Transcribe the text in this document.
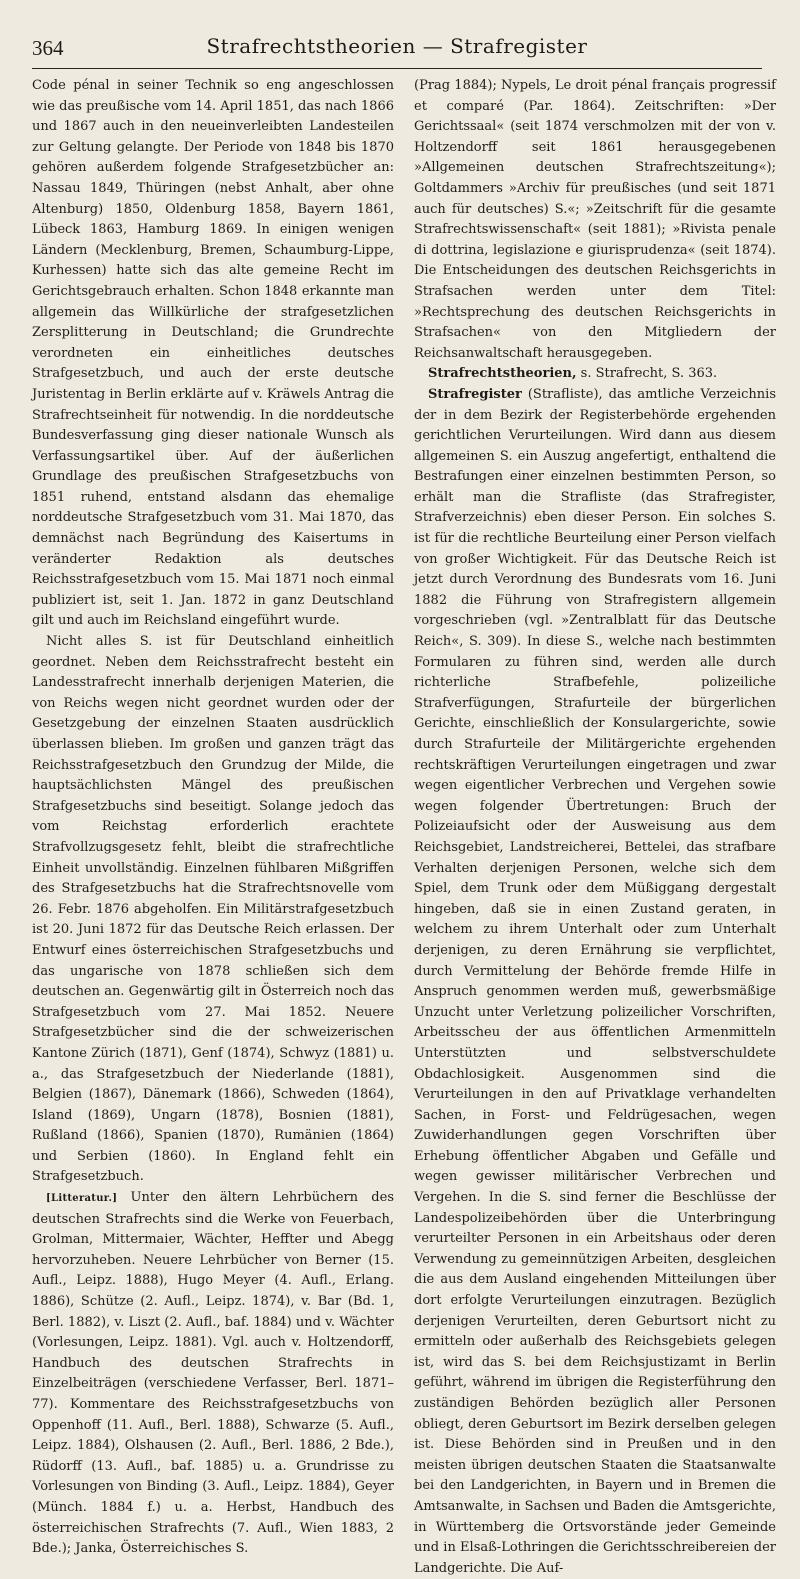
364	Strafrechtstheorien — Strafregister

Code pénal in seiner Technik so eng angeschlossen wie das preußische vom 14. April 1851, das nach 1866 und 1867 auch in den neueinverleibten Landesteilen zur Geltung gelangte. Der Periode von 1848 bis 1870 gehören außerdem folgende Strafgesetzbücher an: Nassau 1849, Thüringen (nebst Anhalt, aber ohne Altenburg) 1850, Oldenburg 1858, Bayern 1861, Lübeck 1863, Hamburg 1869. In einigen wenigen Ländern (Mecklenburg, Bremen, Schaumburg-Lippe, Kurhessen) hatte sich das alte gemeine Recht im Gerichtsgebrauch erhalten. Schon 1848 erkannte man allgemein das Willkürliche der strafgesetzlichen Zersplitterung in Deutschland; die Grundrechte verordneten ein einheitliches deutsches Strafgesetzbuch, und auch der erste deutsche Juristentag in Berlin erklärte auf v. Kräwels Antrag die Strafrechtseinheit für notwendig. In die norddeutsche Bundesverfassung ging dieser nationale Wunsch als Verfassungsartikel über. Auf der äußerlichen Grundlage des preußischen Strafgesetzbuchs von 1851 ruhend, entstand alsdann das ehemalige norddeutsche Strafgesetzbuch vom 31. Mai 1870, das demnächst nach Begründung des Kaisertums in veränderter Redaktion als deutsches Reichsstrafgesetzbuch vom 15. Mai 1871 noch einmal publiziert ist, seit 1. Jan. 1872 in ganz Deutschland gilt und auch im Reichsland eingeführt wurde.

Nicht alles S. ist für Deutschland einheitlich geordnet. Neben dem Reichsstrafrecht besteht ein Landesstrafrecht innerhalb derjenigen Materien, die von Reichs wegen nicht geordnet wurden oder der Gesetzgebung der einzelnen Staaten ausdrücklich überlassen blieben. Im großen und ganzen trägt das Reichsstrafgesetzbuch den Grundzug der Milde, die hauptsächlichsten Mängel des preußischen Strafgesetzbuchs sind beseitigt. Solange jedoch das vom Reichstag erforderlich erachtete Strafvollzugsgesetz fehlt, bleibt die strafrechtliche Einheit unvollständig. Einzelnen fühlbaren Mißgriffen des Strafgesetzbuchs hat die Strafrechtsnovelle vom 26. Febr. 1876 abgeholfen. Ein Militärstrafgesetzbuch ist 20. Juni 1872 für das Deutsche Reich erlassen. Der Entwurf eines österreichischen Strafgesetzbuchs und das ungarische von 1878 schließen sich dem deutschen an. Gegenwärtig gilt in Österreich noch das Strafgesetzbuch vom 27. Mai 1852. Neuere Strafgesetzbücher sind die der schweizerischen Kantone Zürich (1871), Genf (1874), Schwyz (1881) u. a., das Strafgesetzbuch der Niederlande (1881), Belgien (1867), Dänemark (1866), Schweden (1864), Island (1869), Ungarn (1878), Bosnien (1881), Rußland (1866), Spanien (1870), Rumänien (1864) und Serbien (1860). In England fehlt ein Strafgesetzbuch.

[Litteratur.] Unter den ältern Lehrbüchern des deutschen Strafrechts sind die Werke von Feuerbach, Grolman, Mittermaier, Wächter, Heffter und Abegg hervorzuheben. Neuere Lehrbücher von Berner (15. Aufl., Leipz. 1888), Hugo Meyer (4. Aufl., Erlang. 1886), Schütze (2. Aufl., Leipz. 1874), v. Bar (Bd. 1, Berl. 1882), v. Liszt (2. Aufl., baf. 1884) und v. Wächter (Vorlesungen, Leipz. 1881). Vgl. auch v. Holtzendorff, Handbuch des deutschen Strafrechts in Einzelbeiträgen (verschiedene Verfasser, Berl. 1871–77). Kommentare des Reichsstrafgesetzbuchs von Oppenhoff (11. Aufl., Berl. 1888), Schwarze (5. Aufl., Leipz. 1884), Olshausen (2. Aufl., Berl. 1886, 2 Bde.), Rüdorff (13. Aufl., baf. 1885) u. a. Grundrisse zu Vorlesungen von Binding (3. Aufl., Leipz. 1884), Geyer (Münch. 1884 f.) u. a. Herbst, Handbuch des österreichischen Strafrechts (7. Aufl., Wien 1883, 2 Bde.); Janka, Österreichisches S.

(Prag 1884); Nypels, Le droit pénal français progressif et comparé (Par. 1864). Zeitschriften: »Der Gerichtssaal« (seit 1874 verschmolzen mit der von v. Holtzendorff seit 1861 herausgegebenen »Allgemeinen deutschen Strafrechtszeitung«); Goltdammers »Archiv für preußisches (und seit 1871 auch für deutsches) S.«; »Zeitschrift für die gesamte Strafrechtswissenschaft« (seit 1881); »Rivista penale di dottrina, legislazione e giurisprudenza« (seit 1874). Die Entscheidungen des deutschen Reichsgerichts in Strafsachen werden unter dem Titel: »Rechtsprechung des deutschen Reichsgerichts in Strafsachen« von den Mitgliedern der Reichsanwaltschaft herausgegeben.

Strafrechtstheorien, s. Strafrecht, S. 363.

Strafregister (Strafliste), das amtliche Verzeichnis der in dem Bezirk der Registerbehörde ergehenden gerichtlichen Verurteilungen. Wird dann aus diesem allgemeinen S. ein Auszug angefertigt, enthaltend die Bestrafungen einer einzelnen bestimmten Person, so erhält man die Strafliste (das Strafregister, Strafverzeichnis) eben dieser Person. Ein solches S. ist für die rechtliche Beurteilung einer Person vielfach von großer Wichtigkeit. Für das Deutsche Reich ist jetzt durch Verordnung des Bundesrats vom 16. Juni 1882 die Führung von Strafregistern allgemein vorgeschrieben (vgl. »Zentralblatt für das Deutsche Reich«, S. 309). In diese S., welche nach bestimmten Formularen zu führen sind, werden alle durch richterliche Strafbefehle, polizeiliche Strafverfügungen, Strafurteile der bürgerlichen Gerichte, einschließlich der Konsulargerichte, sowie durch Strafurteile der Militärgerichte ergehenden rechtskräftigen Verurteilungen eingetragen und zwar wegen eigentlicher Verbrechen und Vergehen sowie wegen folgender Übertretungen: Bruch der Polizeiaufsicht oder der Ausweisung aus dem Reichsgebiet, Landstreicherei, Bettelei, das strafbare Verhalten derjenigen Personen, welche sich dem Spiel, dem Trunk oder dem Müßiggang dergestalt hingeben, daß sie in einen Zustand geraten, in welchem zu ihrem Unterhalt oder zum Unterhalt derjenigen, zu deren Ernährung sie verpflichtet, durch Vermittelung der Behörde fremde Hilfe in Anspruch genommen werden muß, gewerbsmäßige Unzucht unter Verletzung polizeilicher Vorschriften, Arbeitsscheu der aus öffentlichen Armenmitteln Unterstützten und selbstverschuldete Obdachlosigkeit. Ausgenommen sind die Verurteilungen in den auf Privatklage verhandelten Sachen, in Forst- und Feldrügesachen, wegen Zuwiderhandlungen gegen Vorschriften über Erhebung öffentlicher Abgaben und Gefälle und wegen gewisser militärischer Verbrechen und Vergehen. In die S. sind ferner die Beschlüsse der Landespolizeibehörden über die Unterbringung verurteilter Personen in ein Arbeitshaus oder deren Verwendung zu gemeinnützigen Arbeiten, desgleichen die aus dem Ausland eingehenden Mitteilungen über dort erfolgte Verurteilungen einzutragen. Bezüglich derjenigen Verurteilten, deren Geburtsort nicht zu ermitteln oder außerhalb des Reichsgebiets gelegen ist, wird das S. bei dem Reichsjustizamt in Berlin geführt, während im übrigen die Registerführung den zuständigen Behörden bezüglich aller Personen obliegt, deren Geburtsort im Bezirk derselben gelegen ist. Diese Behörden sind in Preußen und in den meisten übrigen deutschen Staaten die Staatsanwalte bei den Landgerichten, in Bayern und in Bremen die Amtsanwalte, in Sachsen und Baden die Amtsgerichte, in Württemberg die Ortsvorstände jeder Gemeinde und in Elsaß-Lothringen die Gerichtsschreibereien der Landgerichte. Die Auf-
